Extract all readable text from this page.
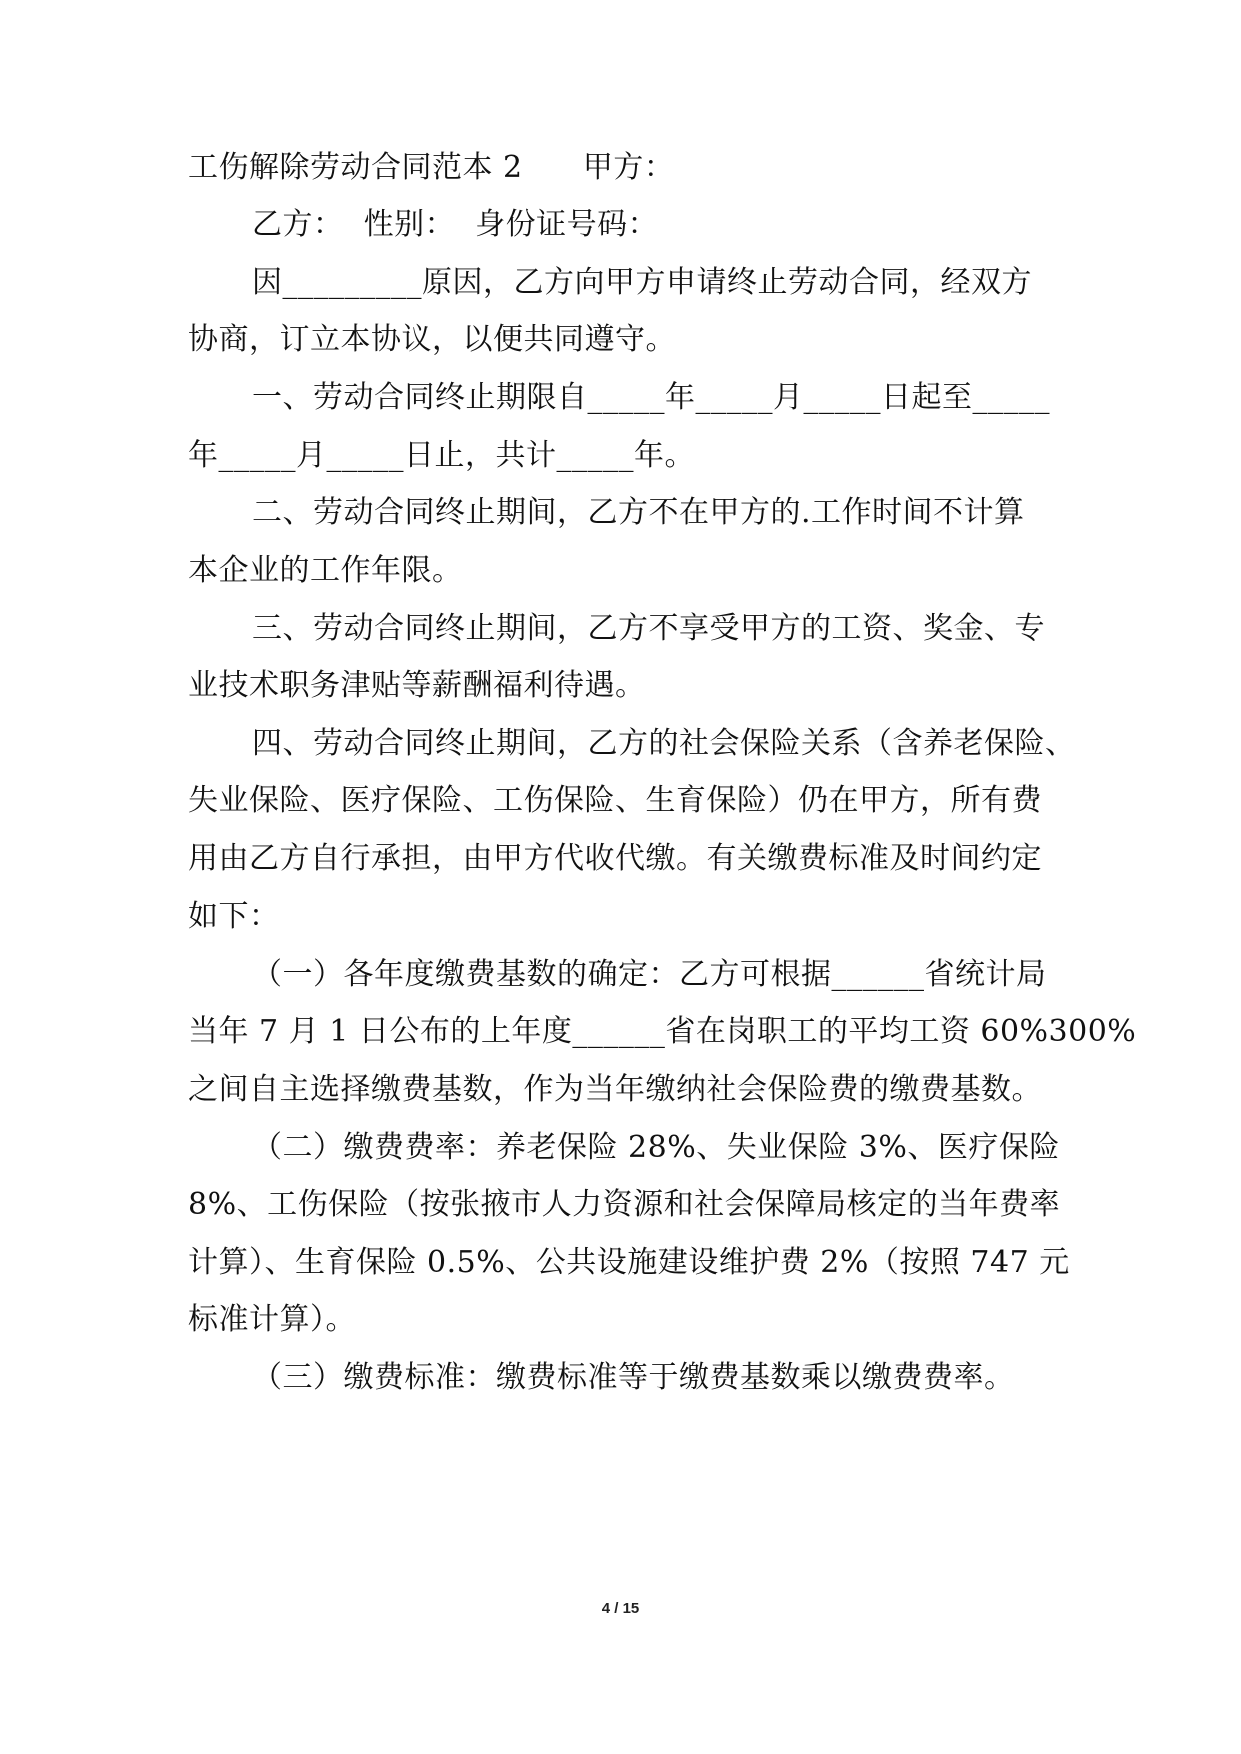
工伤解除劳动合同范本 2      甲方：
乙方：  性别：  身份证号码：
因_________原因，乙方向甲方申请终止劳动合同，经双方
协商，订立本协议，以便共同遵守。
一、劳动合同终止期限自_____年_____月_____日起至_____
年_____月_____日止，共计_____年。
二、劳动合同终止期间，乙方不在甲方的.工作时间不计算
本企业的工作年限。
三、劳动合同终止期间，乙方不享受甲方的工资、奖金、专
业技术职务津贴等薪酬福利待遇。
四、劳动合同终止期间，乙方的社会保险关系（含养老保险、
失业保险、医疗保险、工伤保险、生育保险）仍在甲方，所有费
用由乙方自行承担，由甲方代收代缴。有关缴费标准及时间约定
如下：
（一）各年度缴费基数的确定：乙方可根据______省统计局
当年 7 月 1 日公布的上年度______省在岗职工的平均工资 60%300%
之间自主选择缴费基数，作为当年缴纳社会保险费的缴费基数。
（二）缴费费率：养老保险 28%、失业保险 3%、医疗保险
8%、工伤保险（按张掖市人力资源和社会保障局核定的当年费率
计算）、生育保险 0.5%、公共设施建设维护费 2%（按照 747 元
标准计算）。
（三）缴费标准：缴费标准等于缴费基数乘以缴费费率。
4 / 15
